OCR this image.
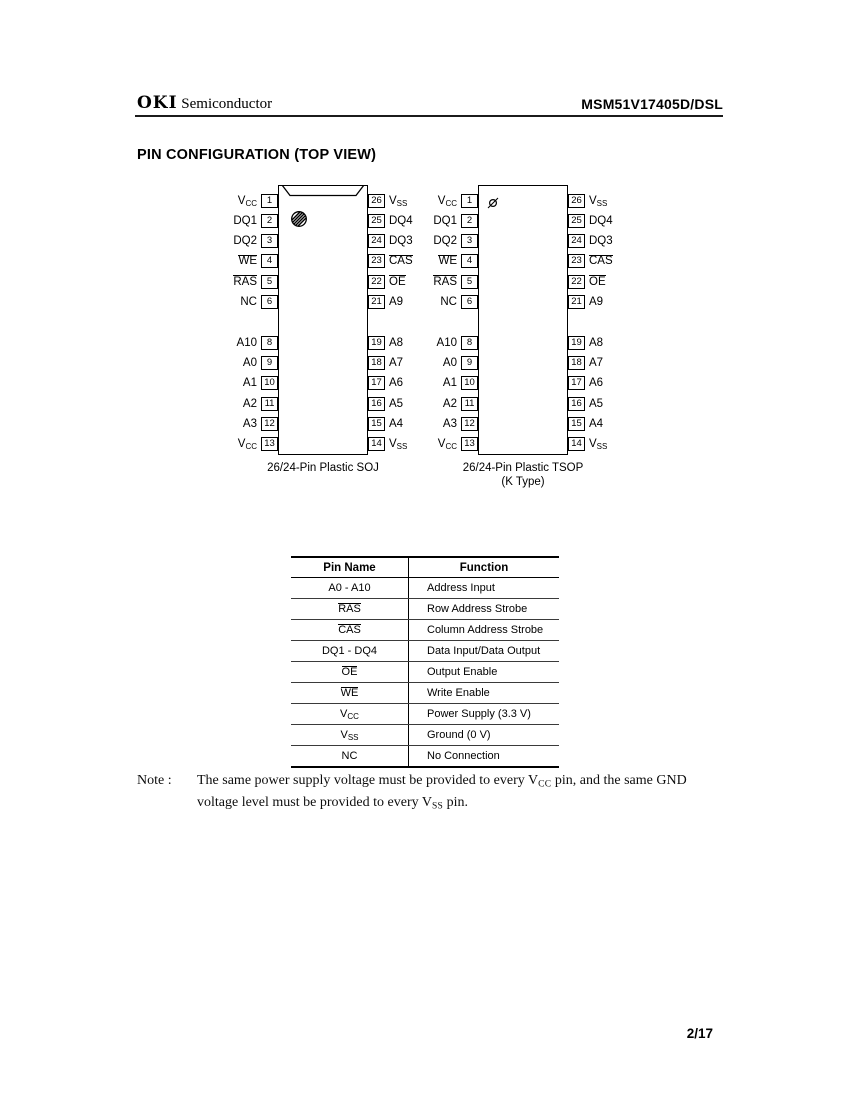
OKI Semiconductor	MSM51V17405D/DSL
PIN CONFIGURATION (TOP VIEW)
1
$V_{CC}$
2
DQ1
3
DQ2
4
WE
5
RAS
6
NC
8
A10
9
A0
10
A1
11
A2
12
A3
13
$V_{CC}$
26 $V_{SS}$
25 DQ4
24 DQ3
23 CAS
22 OE
21 A9
19 A8
18 A7
17 A6
16 A5
15 A4
14 $V_{SS}$
26/24-Pin Plastic SOJ
1
$V_{CC}$
2
DQ1
3
DQ2
4
WE
5
RAS
6
NC
8
A10
9
A0
10
A1
11
A2
12
A3
13
$V_{CC}$
26 $V_{SS}$
25 DQ4
24 DQ3
23 CAS
22 OE
21 A9
19 A8
18 A7
17 A6
16 A5
15 A4
14 $V_{SS}$
26/24-Pin Plastic TSOP
(K Type)
Pin Name	Function
A0 - A10	Address Input
RAS	Row Address Strobe
CAS	Column Address Strobe
DQ1 - DQ4	Data Input/Data Output
OE	Output Enable
WE	Write Enable
$V_{CC}$	Power Supply (3.3 V)
$V_{SS}$	Ground (0 V)
NC	No Connection
Note : The same power supply voltage must be provided to every $V_{CC}$ pin, and the same GND
voltage level must be provided to every $V_{SS}$ pin.
2/17
